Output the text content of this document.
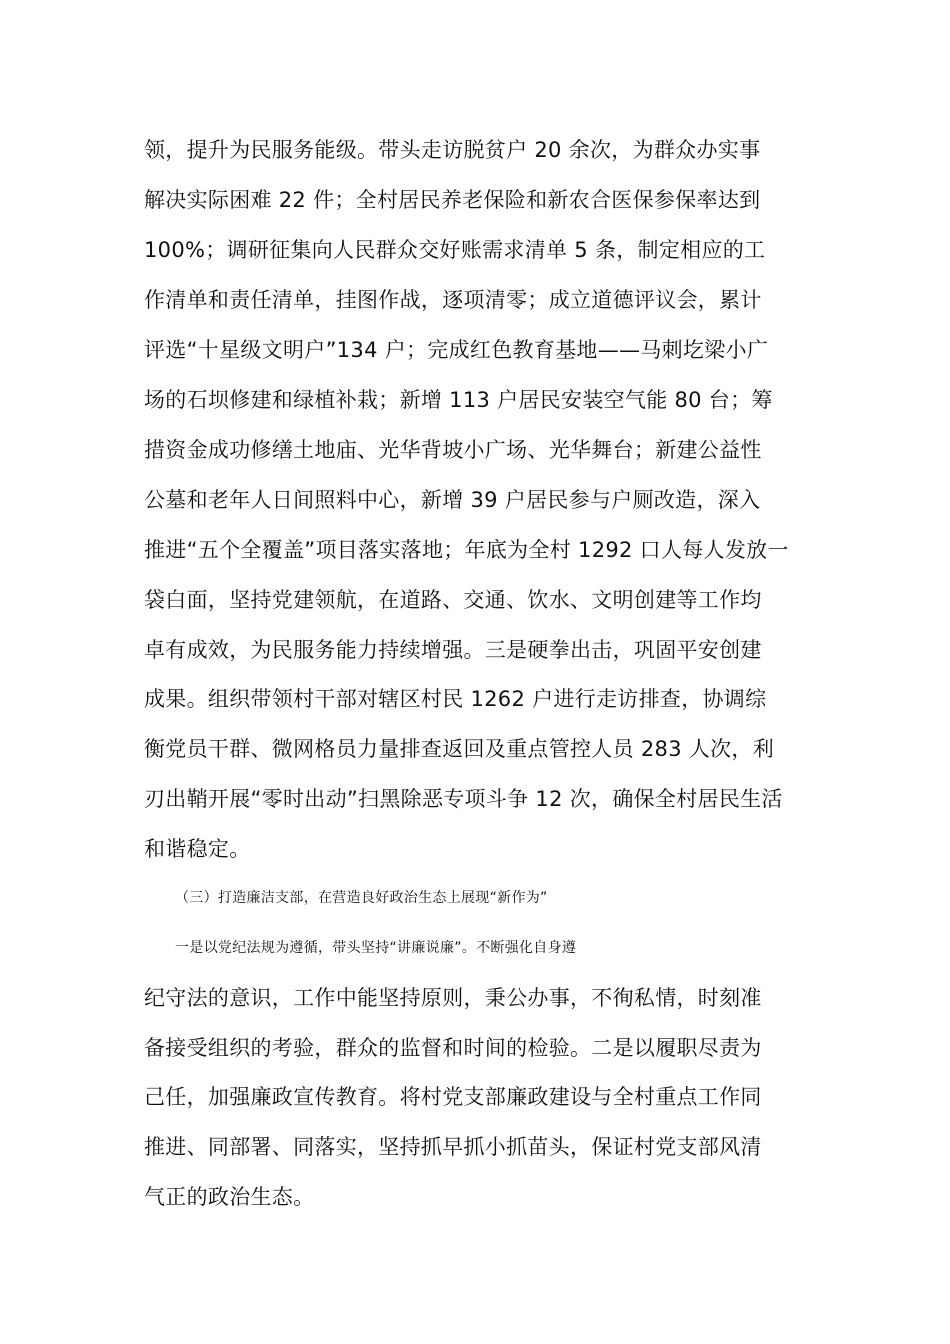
领，提升为民服务能级。带头走访脱贫户 20 余次，为群众办实事
解决实际困难 22 件；全村居民养老保险和新农合医保参保率达到
100%；调研征集向人民群众交好账需求清单 5 条，制定相应的工
作清单和责任清单，挂图作战，逐项清零；成立道德评议会，累计
评选“十星级文明户”134 户；完成红色教育基地——马刺圪梁小广
场的石坝修建和绿植补栽；新增 113 户居民安装空气能 80 台；筹
措资金成功修缮土地庙、光华背坡小广场、光华舞台；新建公益性
公墓和老年人日间照料中心，新增 39 户居民参与户厕改造，深入
推进“五个全覆盖”项目落实落地；年底为全村 1292 口人每人发放一
袋白面，坚持党建领航，在道路、交通、饮水、文明创建等工作均
卓有成效，为民服务能力持续增强。三是硬拳出击，巩固平安创建
成果。组织带领村干部对辖区村民 1262 户进行走访排查，协调综
衡党员干群、微网格员力量排查返回及重点管控人员 283 人次，利
刃出鞘开展“零时出动”扫黑除恶专项斗争 12 次，确保全村居民生活
和谐稳定。
（三）打造廉洁支部，在营造良好政治生态上展现“新作为”
一是以党纪法规为遵循，带头坚持“讲廉说廉”。不断强化自身遵
纪守法的意识，工作中能坚持原则，秉公办事，不徇私情，时刻准
备接受组织的考验，群众的监督和时间的检验。二是以履职尽责为
己任，加强廉政宣传教育。将村党支部廉政建设与全村重点工作同
推进、同部署、同落实，坚持抓早抓小抓苗头，保证村党支部风清
气正的政治生态。
